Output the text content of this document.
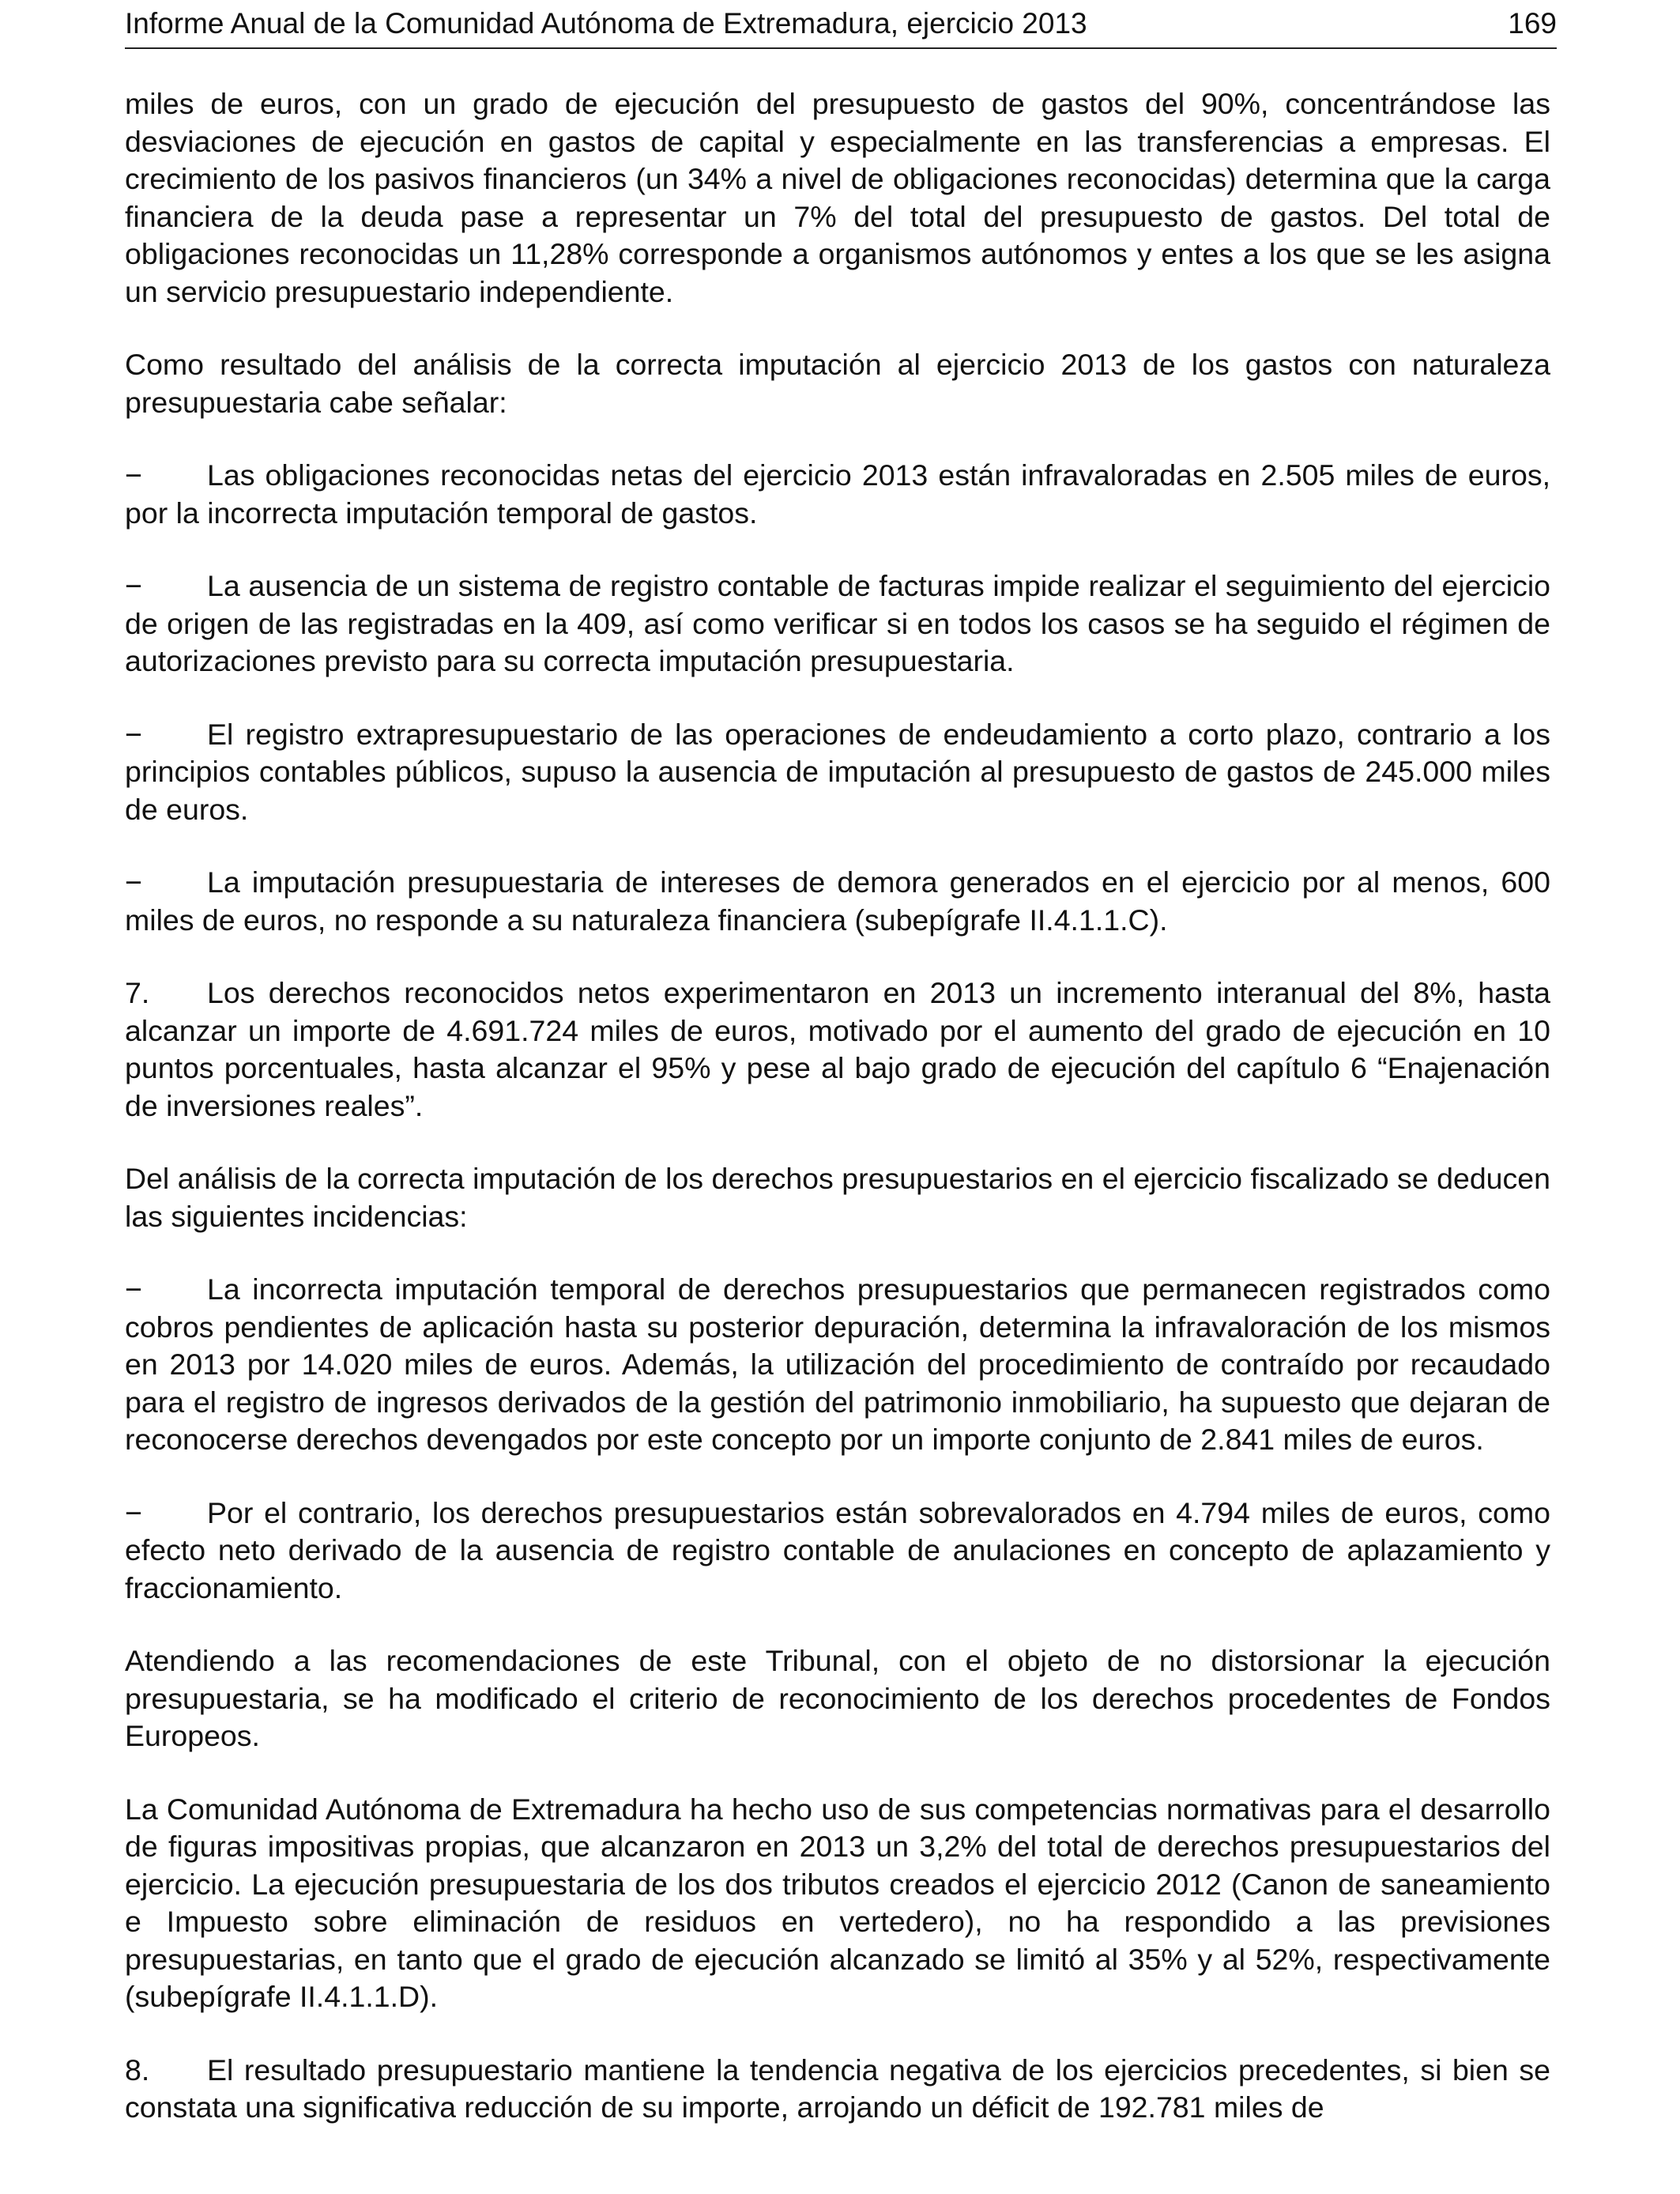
Informe Anual de la Comunidad Autónoma de Extremadura, ejercicio 2013	169

miles de euros, con un grado de ejecución del presupuesto de gastos del 90%, concentrándose las desviaciones de ejecución en gastos de capital y especialmente en las transferencias a empresas. El crecimiento de los pasivos financieros (un 34% a nivel de obligaciones reconocidas) determina que la carga financiera de la deuda pase a representar un 7% del total del presupuesto de gastos. Del total de obligaciones reconocidas un 11,28% corresponde a organismos autónomos y entes a los que se les asigna un servicio presupuestario independiente.

Como resultado del análisis de la correcta imputación al ejercicio 2013 de los gastos con naturaleza presupuestaria cabe señalar:

− Las obligaciones reconocidas netas del ejercicio 2013 están infravaloradas en 2.505 miles de euros, por la incorrecta imputación temporal de gastos.

− La ausencia de un sistema de registro contable de facturas impide realizar el seguimiento del ejercicio de origen de las registradas en la 409, así como verificar si en todos los casos se ha seguido el régimen de autorizaciones previsto para su correcta imputación presupuestaria.

− El registro extrapresupuestario de las operaciones de endeudamiento a corto plazo, contrario a los principios contables públicos, supuso la ausencia de imputación al presupuesto de gastos de 245.000 miles de euros.

− La imputación presupuestaria de intereses de demora generados en el ejercicio por al menos, 600 miles de euros, no responde a su naturaleza financiera (subepígrafe II.4.1.1.C).

7. Los derechos reconocidos netos experimentaron en 2013 un incremento interanual del 8%, hasta alcanzar un importe de 4.691.724 miles de euros, motivado por el aumento del grado de ejecución en 10 puntos porcentuales, hasta alcanzar el 95% y pese al bajo grado de ejecución del capítulo 6 “Enajenación de inversiones reales”.

Del análisis de la correcta imputación de los derechos presupuestarios en el ejercicio fiscalizado se deducen las siguientes incidencias:

− La incorrecta imputación temporal de derechos presupuestarios que permanecen registrados como cobros pendientes de aplicación hasta su posterior depuración, determina la infravaloración de los mismos en 2013 por 14.020 miles de euros. Además, la utilización del procedimiento de contraído por recaudado para el registro de ingresos derivados de la gestión del patrimonio inmobiliario, ha supuesto que dejaran de reconocerse derechos devengados por este concepto por un importe conjunto de 2.841 miles de euros.

− Por el contrario, los derechos presupuestarios están sobrevalorados en 4.794 miles de euros, como efecto neto derivado de la ausencia de registro contable de anulaciones en concepto de aplazamiento y fraccionamiento.

Atendiendo a las recomendaciones de este Tribunal, con el objeto de no distorsionar la ejecución presupuestaria, se ha modificado el criterio de reconocimiento de los derechos procedentes de Fondos Europeos.

La Comunidad Autónoma de Extremadura ha hecho uso de sus competencias normativas para el desarrollo de figuras impositivas propias, que alcanzaron en 2013 un 3,2% del total de derechos presupuestarios del ejercicio. La ejecución presupuestaria de los dos tributos creados el ejercicio 2012 (Canon de saneamiento e Impuesto sobre eliminación de residuos en vertedero), no ha respondido a las previsiones presupuestarias, en tanto que el grado de ejecución alcanzado se limitó al 35% y al 52%, respectivamente (subepígrafe II.4.1.1.D).

8. El resultado presupuestario mantiene la tendencia negativa de los ejercicios precedentes, si bien se constata una significativa reducción de su importe, arrojando un déficit de 192.781 miles de
